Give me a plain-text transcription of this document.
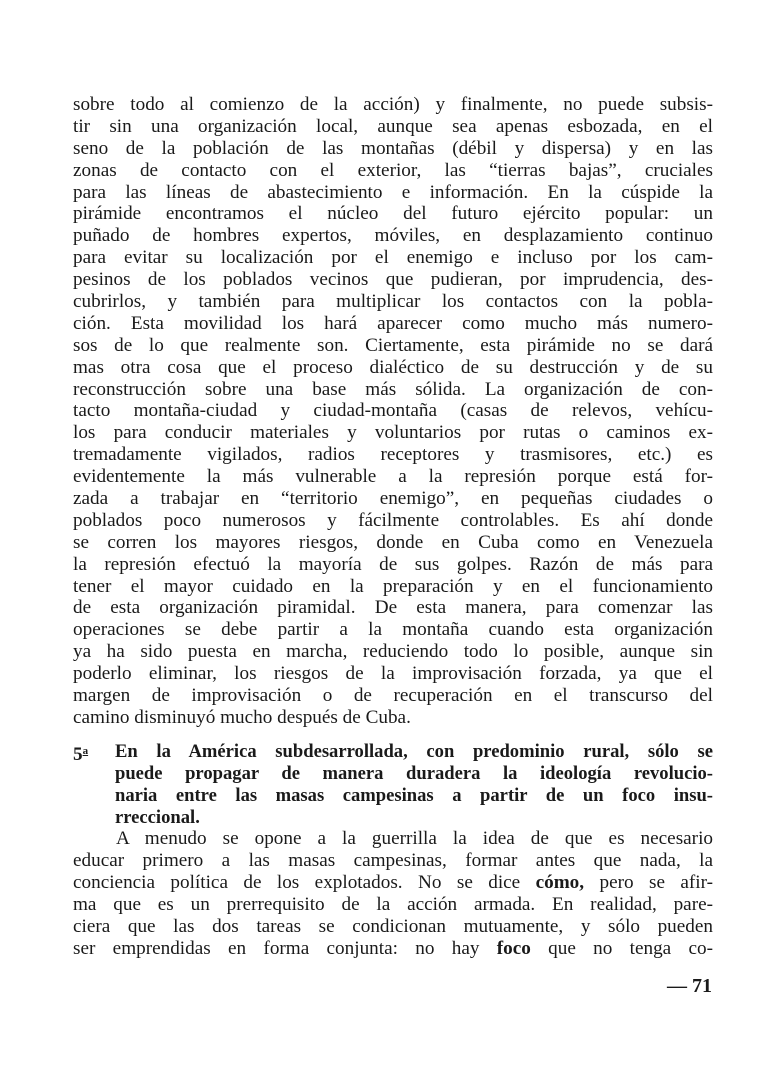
sobre todo al comienzo de la acción) y finalmente, no puede subsis-
tir sin una organización local, aunque sea apenas esbozada, en el
seno de la población de las montañas (débil y dispersa) y en las
zonas de contacto con el exterior, las “tierras bajas”, cruciales
para las líneas de abastecimiento e información. En la cúspide la
pirámide encontramos el núcleo del futuro ejército popular: un
puñado de hombres expertos, móviles, en desplazamiento continuo
para evitar su localización por el enemigo e incluso por los cam-
pesinos de los poblados vecinos que pudieran, por imprudencia, des-
cubrirlos, y también para multiplicar los contactos con la pobla-
ción. Esta movilidad los hará aparecer como mucho más numero-
sos de lo que realmente son. Ciertamente, esta pirámide no se dará
mas otra cosa que el proceso dialéctico de su destrucción y de su
reconstrucción sobre una base más sólida. La organización de con-
tacto montaña-ciudad y ciudad-montaña (casas de relevos, vehícu-
los para conducir materiales y voluntarios por rutas o caminos ex-
tremadamente vigilados, radios receptores y trasmisores, etc.) es
evidentemente la más vulnerable a la represión porque está for-
zada a trabajar en “territorio enemigo”, en pequeñas ciudades o
poblados poco numerosos y fácilmente controlables. Es ahí donde
se corren los mayores riesgos, donde en Cuba como en Venezuela
la represión efectuó la mayoría de sus golpes. Razón de más para
tener el mayor cuidado en la preparación y en el funcionamiento
de esta organización piramidal. De esta manera, para comenzar las
operaciones se debe partir a la montaña cuando esta organización
ya ha sido puesta en marcha, reduciendo todo lo posible, aunque sin
poderlo eliminar, los riesgos de la improvisación forzada, ya que el
margen de improvisación o de recuperación en el transcurso del
camino disminuyó mucho después de Cuba.
5$^a$ En la América subdesarrollada, con predominio rural, sólo se
puede propagar de manera duradera la ideología revolucio-
naria entre las masas campesinas a partir de un foco insu-
rreccional.
A menudo se opone a la guerrilla la idea de que es necesario
educar primero a las masas campesinas, formar antes que nada, la
conciencia política de los explotados. No se dice cómo, pero se afir-
ma que es un prerrequisito de la acción armada. En realidad, pare-
ciera que las dos tareas se condicionan mutuamente, y sólo pueden
ser emprendidas en forma conjunta: no hay foco que no tenga co-
— 71
